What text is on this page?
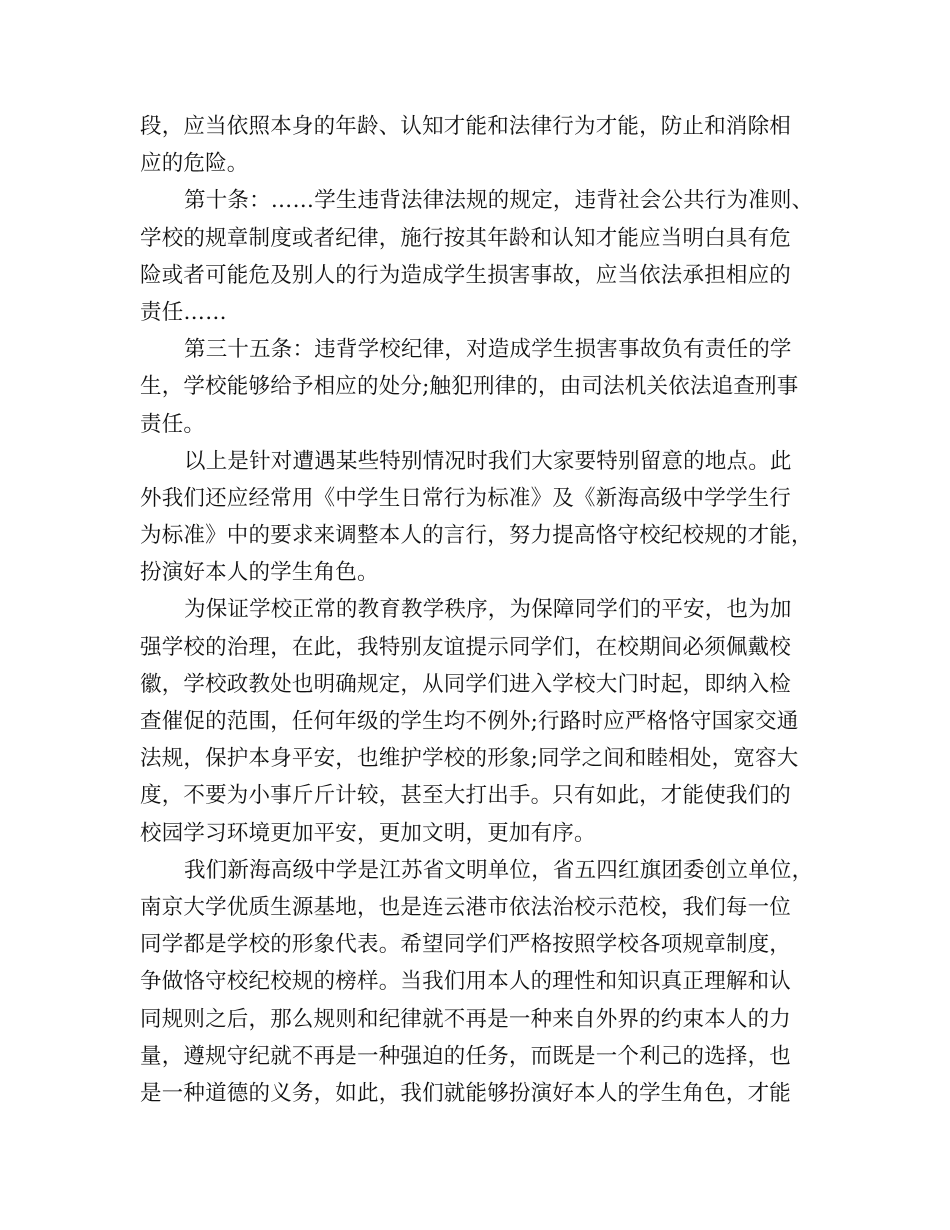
段，应当依照本身的年龄、认知才能和法律行为才能，防止和消除相
应的危险。
第十条：……学生违背法律法规的规定，违背社会公共行为准则、
学校的规章制度或者纪律，施行按其年龄和认知才能应当明白具有危
险或者可能危及别人的行为造成学生损害事故，应当依法承担相应的
责任……
第三十五条：违背学校纪律，对造成学生损害事故负有责任的学
生，学校能够给予相应的处分;触犯刑律的，由司法机关依法追查刑事
责任。
以上是针对遭遇某些特别情况时我们大家要特别留意的地点。此
外我们还应经常用《中学生日常行为标准》及《新海高级中学学生行
为标准》中的要求来调整本人的言行，努力提高恪守校纪校规的才能，
扮演好本人的学生角色。
为保证学校正常的教育教学秩序，为保障同学们的平安，也为加
强学校的治理，在此，我特别友谊提示同学们，在校期间必须佩戴校
徽，学校政教处也明确规定，从同学们进入学校大门时起，即纳入检
查催促的范围，任何年级的学生均不例外;行路时应严格恪守国家交通
法规，保护本身平安，也维护学校的形象;同学之间和睦相处，宽容大
度，不要为小事斤斤计较，甚至大打出手。只有如此，才能使我们的
校园学习环境更加平安，更加文明，更加有序。
我们新海高级中学是江苏省文明单位，省五四红旗团委创立单位，
南京大学优质生源基地，也是连云港市依法治校示范校，我们每一位
同学都是学校的形象代表。希望同学们严格按照学校各项规章制度，
争做恪守校纪校规的榜样。当我们用本人的理性和知识真正理解和认
同规则之后，那么规则和纪律就不再是一种来自外界的约束本人的力
量，遵规守纪就不再是一种强迫的任务，而既是一个利己的选择，也
是一种道德的义务，如此，我们就能够扮演好本人的学生角色，才能
